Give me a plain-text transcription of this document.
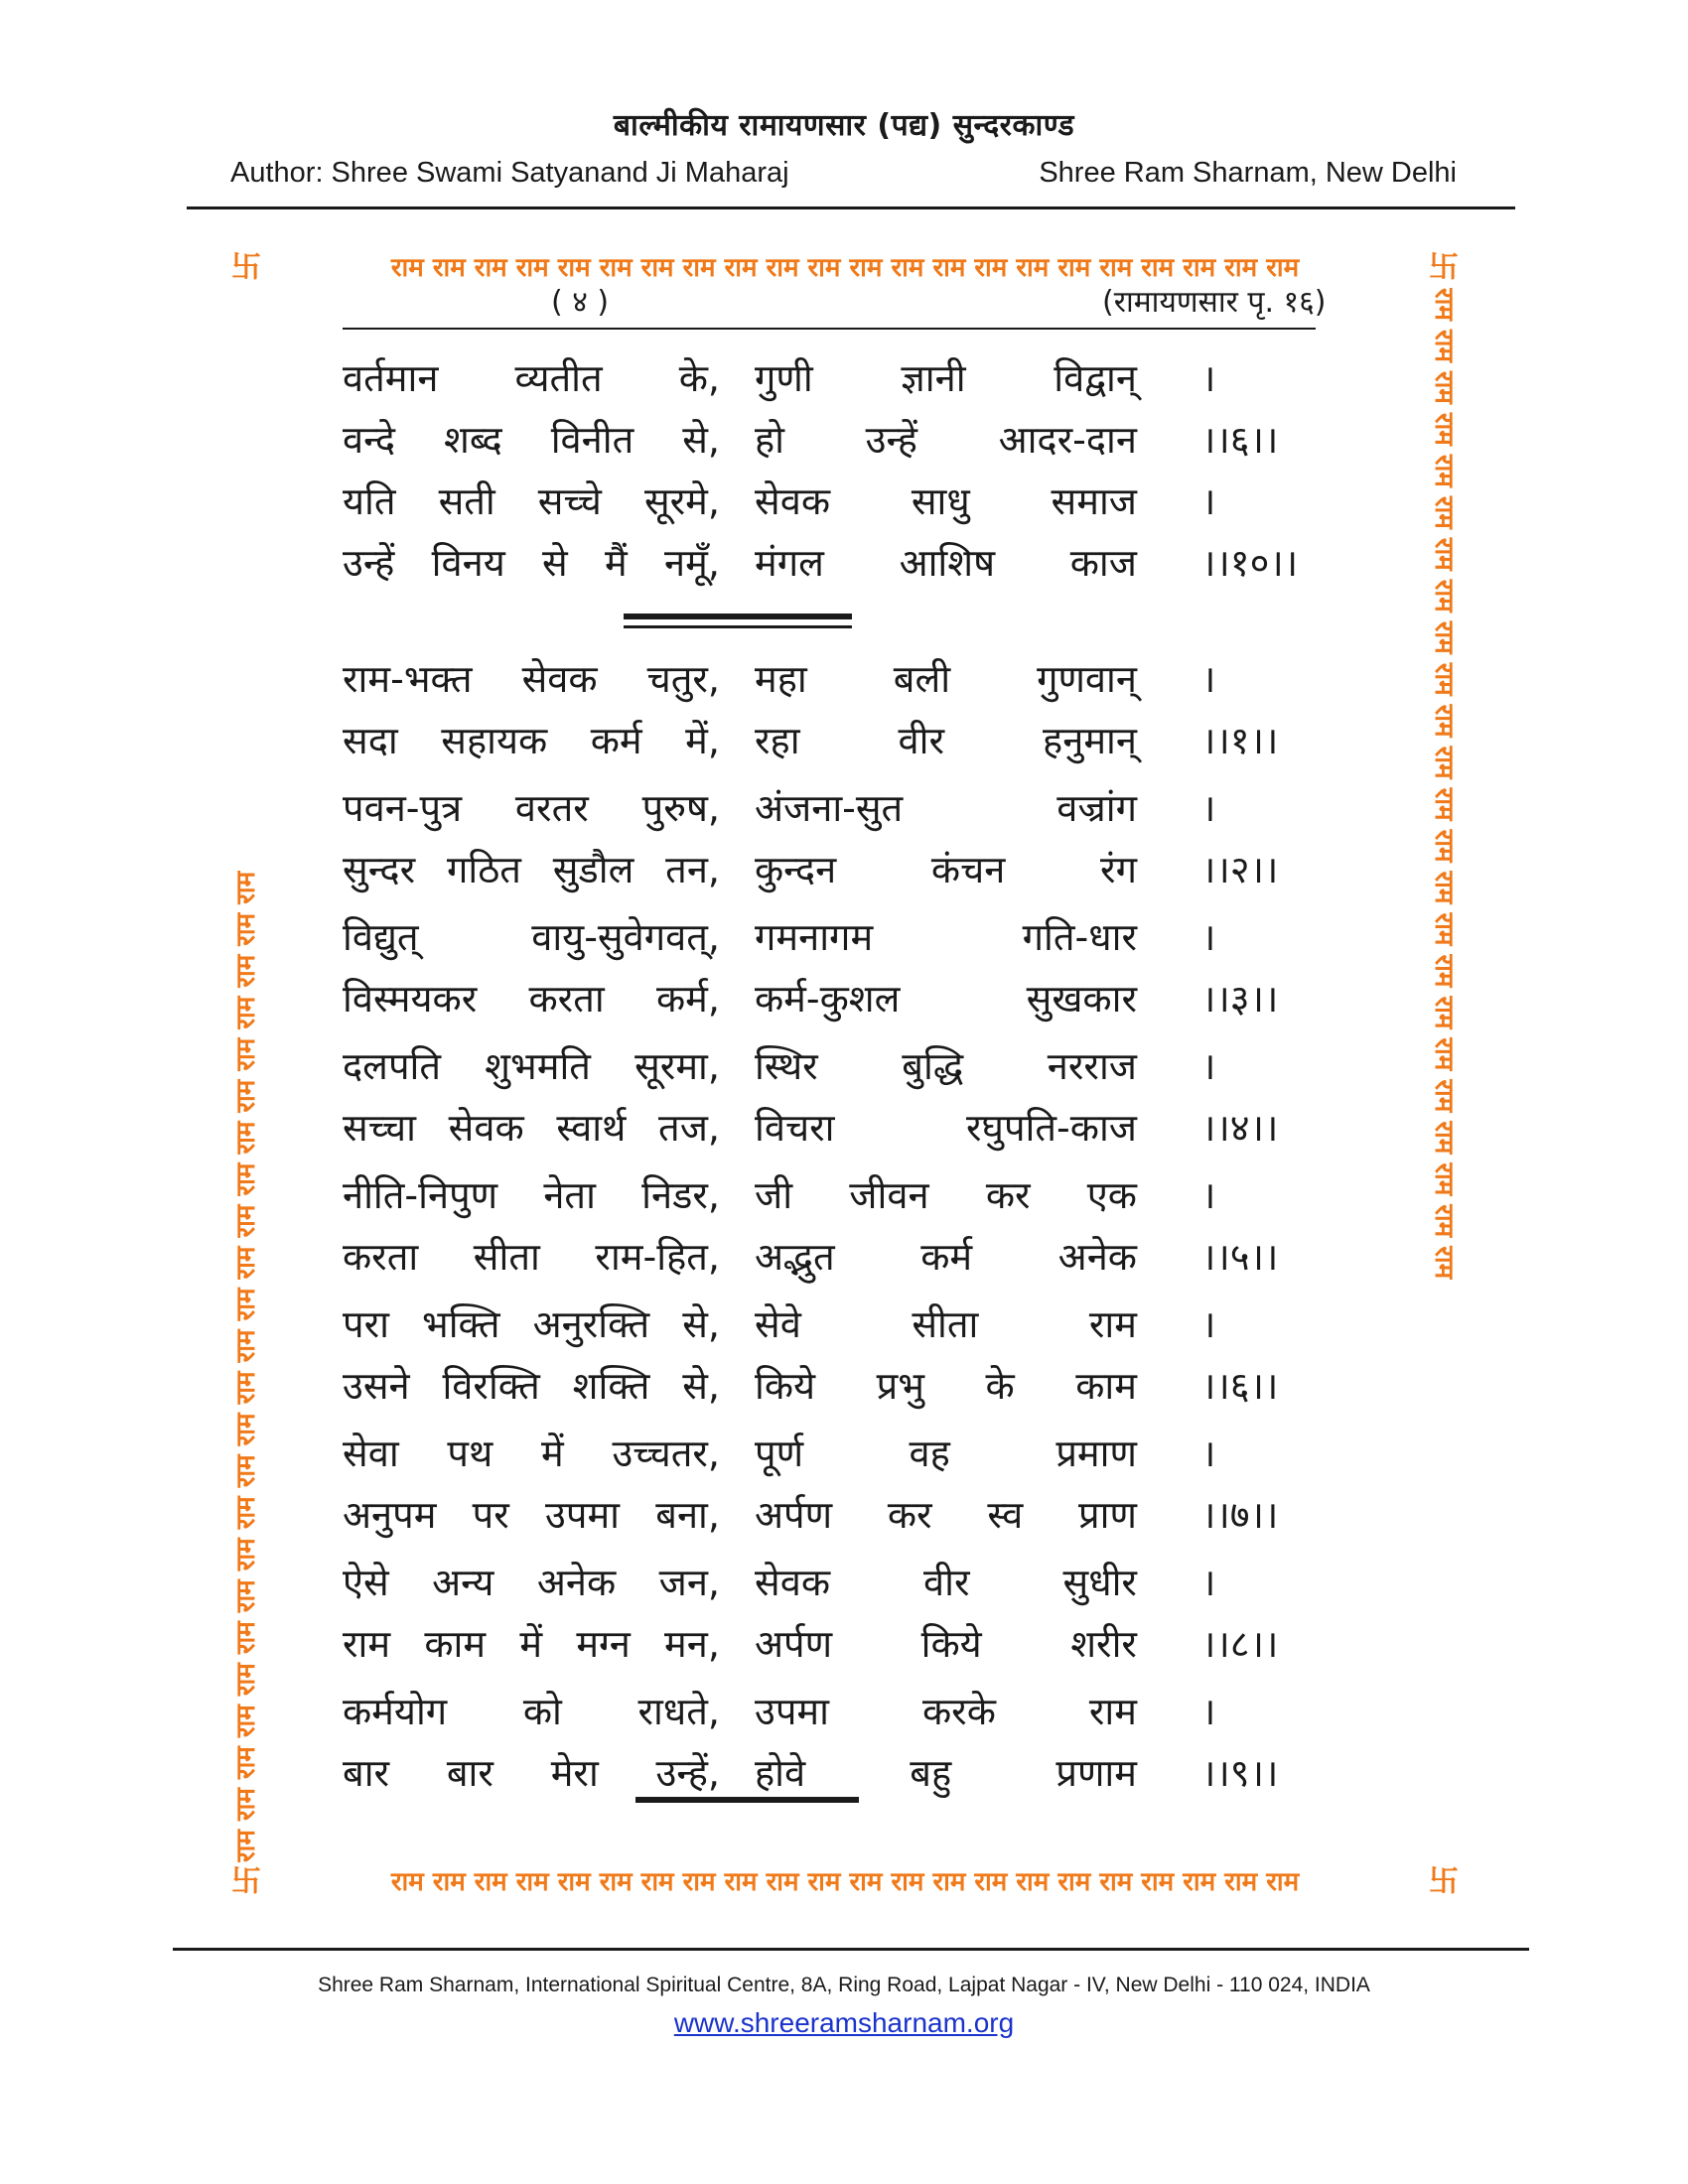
बाल्मीकीय रामायणसार (पद्य) सुन्दरकाण्ड
Author: Shree Swami Satyanand Ji Maharaj	Shree Ram Sharnam, New Delhi
राम राम राम राम राम राम राम राम राम राम राम राम राम राम राम राम राम राम राम राम राम राम
राम राम राम राम राम राम राम राम राम राम राम राम राम राम राम राम राम राम राम राम राम राम
राम राम राम राम राम राम राम राम राम राम राम राम राम राम राम राम राम राम राम राम राम राम राम राम
राम राम राम राम राम राम राम राम राम राम राम राम राम राम राम राम राम राम राम राम राम राम राम राम
卐	卐
卐	卐
( ४ )	(रामायणसार पृ. १६)
वर्तमान व्यतीत के, गुणी ज्ञानी विद्वान् ।
वन्दे शब्द विनीत से, हो उन्हें आदर-दान ।।६।।
यति सती सच्चे सूरमे, सेवक साधु समाज ।
उन्हें विनय से मैं नमूँ, मंगल आशिष काज ।।१०।।
राम-भक्त सेवक चतुर, महा बली गुणवान् ।
सदा सहायक कर्म में, रहा	वीर	हनुमान् ।।१।।
पवन-पुत्र वरतर पुरुष, अंजना-सुत	वज्रांग ।
सुन्दर गठित सुडौल तन, कुन्दन	कंचन	रंग ।।२।।
विद्युत्	वायु-सुवेगवत्, गमनागम	गति-धार ।
विस्मयकर करता कर्म, कर्म-कुशल	सुखकार ।।३।।
दलपति शुभमति सूरमा, स्थिर बुद्धि नरराज ।
सच्चा सेवक स्वार्थ तज, विचरा	रघुपति-काज ।।४।।
नीति-निपुण नेता निडर, जी जीवन कर एक ।
करता सीता राम-हित, अद्भुत कर्म अनेक ।।५।।
परा भक्ति अनुरक्ति से, सेवे	सीता	राम ।
उसने विरक्ति शक्ति से, किये प्रभु के काम ।।६।।
सेवा पथ में उच्चतर, पूर्ण	वह	प्रमाण ।
अनुपम पर उपमा बना, अर्पण कर स्व प्राण ।।७।।
ऐसे अन्य अनेक जन, सेवक वीर सुधीर ।
राम काम में मग्न मन, अर्पण किये शरीर ।।८।।
कर्मयोग को राधते, उपमा करके राम ।
बार बार मेरा उन्हें, होवे	बहु	प्रणाम ।।९।।
Shree Ram Sharnam, International Spiritual Centre, 8A, Ring Road, Lajpat Nagar - IV, New Delhi - 110 024, INDIA
www.shreeramsharnam.org
